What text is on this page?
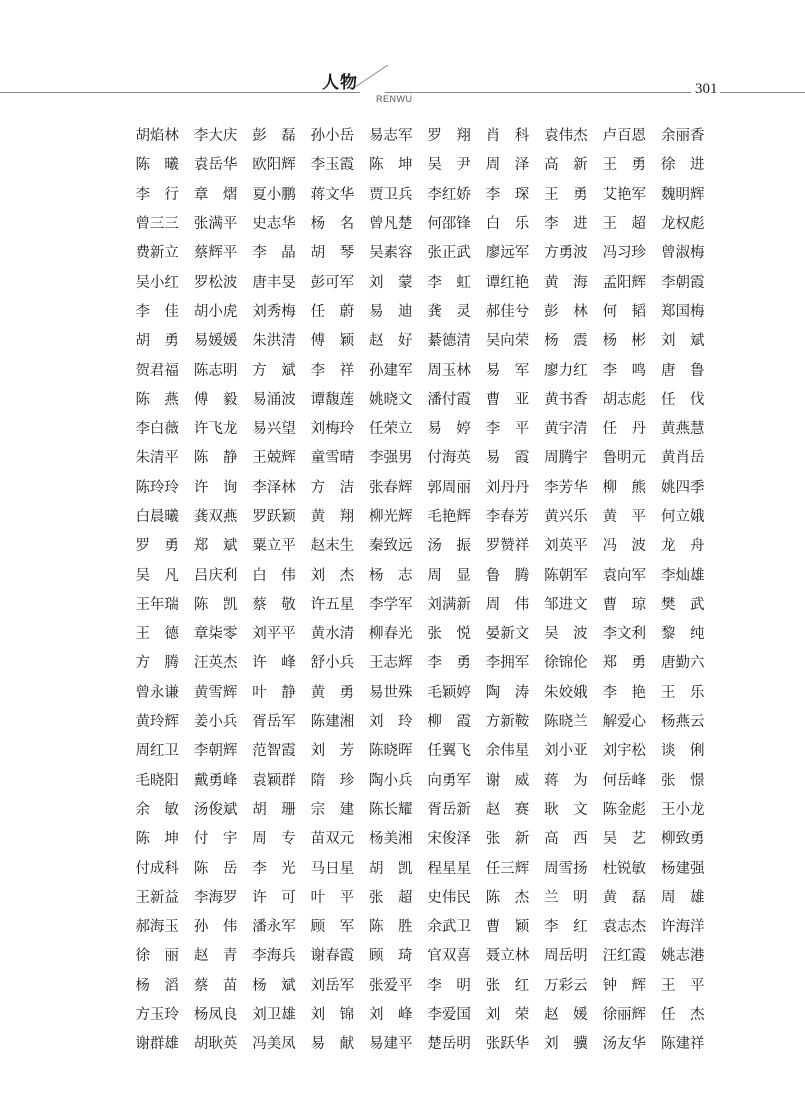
人物
RENWU
301
胡焰林	李大庆	彭　磊	孙小岳	易志军	罗　翔	肖　科	袁伟杰	卢百恩	余丽香
陈　曦	袁岳华	欧阳辉	李玉霞	陈　坤	吴　尹	周　泽	高　新	王　勇	徐　进
李　行	章　熠	夏小鹏	蒋文华	贾卫兵	李红娇	李　琛	王　勇	艾艳军	魏明辉
曾三三	张满平	史志华	杨　名	曾凡楚	何邵锋	白　乐	李　进	王　超	龙权彪
费新立	蔡辉平	李　晶	胡　琴	吴素容	张正武	廖远军	方勇波	冯习珍	曾淑梅
吴小红	罗松波	唐丰旻	彭可军	刘　蒙	李　虹	谭红艳	黄　海	孟阳辉	李朝霞
李　佳	胡小虎	刘秀梅	任　蔚	易　迪	龚　灵	郝佳兮	彭　林	何　韬	郑国梅
胡　勇	易媛媛	朱洪清	傅　颖	赵　好	綦德清	吴向荣	杨　震	杨　彬	刘　斌
贺君福	陈志明	方　斌	李　祥	孙建军	周玉林	易　军	廖力红	李　鸣	唐　鲁
陈　燕	傅　毅	易涌波	谭馥莲	姚晓文	潘付霞	曹　亚	黄书香	胡志彪	任　伐
李白薇	许飞龙	易兴望	刘梅玲	任荣立	易　婷	李　平	黄宇清	任　丹	黄燕慧
朱清平	陈　静	王兢辉	童雪晴	李强男	付海英	易　霞	周腾宇	鲁明元	黄肖岳
陈玲玲	许　询	李泽林	方　洁	张春辉	郭周丽	刘丹丹	李芳华	柳　熊	姚四季
白晨曦	龚双燕	罗跃颖	黄　翔	柳光辉	毛艳辉	李春芳	黄兴乐	黄　平	何立娥
罗　勇	郑　斌	粟立平	赵末生	秦致远	汤　振	罗赞祥	刘英平	冯　波	龙　舟
吴　凡	吕庆利	白　伟	刘　杰	杨　志	周　显	鲁　腾	陈朝军	袁向军	李灿雄
王年瑞	陈　凯	蔡　敬	许五星	李学军	刘满新	周　伟	邹进文	曹　琼	樊　武
王　德	章柒零	刘平平	黄水清	柳春光	张　悦	晏新文	吴　波	李文利	黎　纯
方　腾	汪英杰	许　峰	舒小兵	王志辉	李　勇	李拥军	徐锦伦	郑　勇	唐勤六
曾永谦	黄雪辉	叶　静	黄　勇	易世殊	毛颖婷	陶　涛	朱姣娥	李　艳	王　乐
黄玲辉	姜小兵	胥岳军	陈建湘	刘　玲	柳　霞	方新鞍	陈晓兰	解爱心	杨燕云
周红卫	李朝辉	范智霞	刘　芳	陈晓晖	任翼飞	余伟星	刘小亚	刘宇松	谈　俐
毛晓阳	戴勇峰	袁颖群	隋　珍	陶小兵	向勇军	谢　威	蒋　为	何岳峰	张　憬
余　敏	汤俊斌	胡　珊	宗　建	陈长耀	胥岳新	赵　赛	耿　文	陈金彪	王小龙
陈　坤	付　宇	周　专	苗双元	杨美湘	宋俊泽	张　新	高　西	吴　艺	柳致勇
付成科	陈　岳	李　光	马日星	胡　凯	程星星	任三辉	周雪扬	杜锐敏	杨建强
王新益	李海罗	许　可	叶　平	张　超	史伟民	陈　杰	兰　明	黄　磊	周　雄
郝海玉	孙　伟	潘永军	顾　军	陈　胜	余武卫	曹　颖	李　红	袁志杰	许海洋
徐　丽	赵　青	李海兵	谢春霞	顾　琦	官双喜	聂立林	周岳明	汪红霞	姚志港
杨　滔	蔡　苗	杨　斌	刘岳军	张爱平	李　明	张　红	万彩云	钟　辉	王　平
方玉玲	杨凤良	刘卫雄	刘　锦	刘　峰	李爱国	刘　荣	赵　媛	徐丽辉	任　杰
谢群雄	胡耿英	冯美凤	易　献	易建平	楚岳明	张跃华	刘　骥	汤友华	陈建祥
